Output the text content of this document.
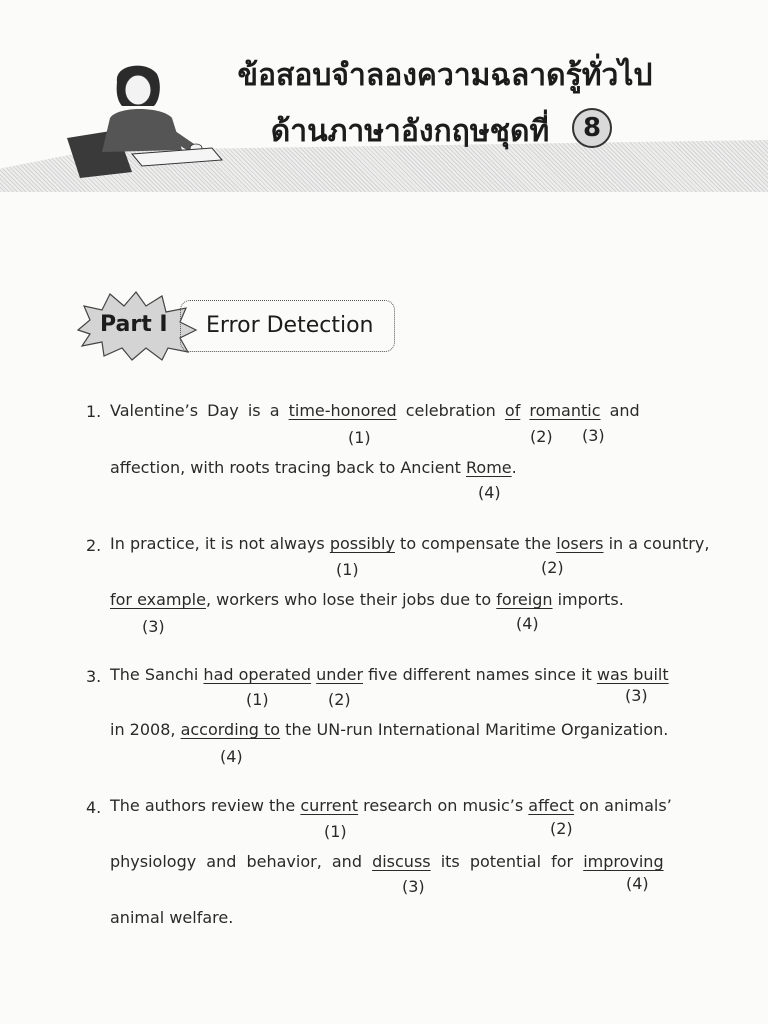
ข้อสอบจำลองความฉลาดรู้ทั่วไป
ด้านภาษาอังกฤษชุดที่	8
Part I Error Detection
1. Valentine’s Day is a time-honored celebration of romantic and
(1)	(2) (3)
affection, with roots tracing back to Ancient Rome.
(4)
2. In practice, it is not always possibly to compensate the losers in a country,
(1)	(2)
for example, workers who lose their jobs due to foreign imports.
(3)	(4)
3. The Sanchi had operated under five different names since it was built
(1)	(2)	(3)
in 2008, according to the UN-run International Maritime Organization.
(4)
4. The authors review the current research on music’s affect on animals’
(1)	(2)
physiology and behavior, and discuss its potential for improving
(3)	(4)
animal welfare.
